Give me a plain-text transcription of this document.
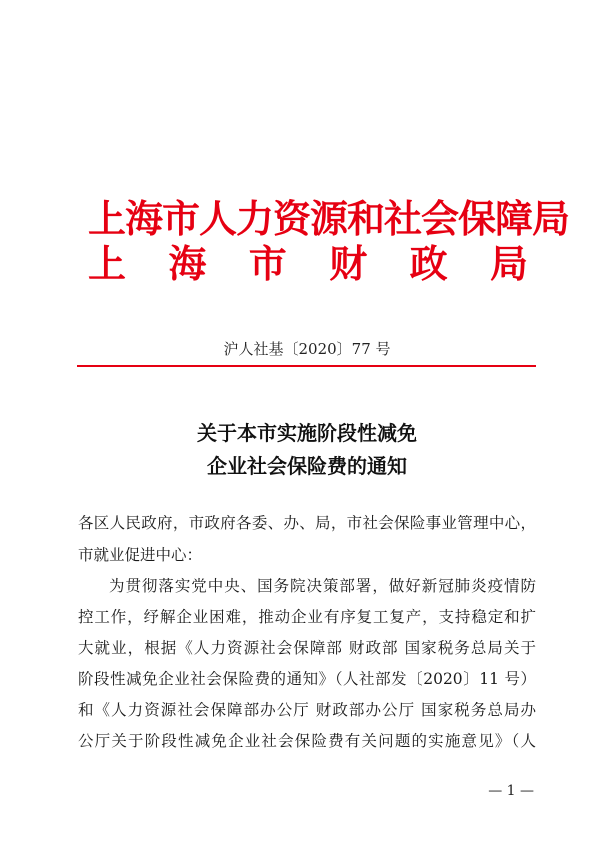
上海市人力资源和社会保障局
上 海 市 财 政 局
沪人社基〔2020〕77 号
关于本市实施阶段性减免
企业社会保险费的通知
各区人民政府，市政府各委、办、局，市社会保险事业管理中心，
市就业促进中心：
为贯彻落实党中央、国务院决策部署，做好新冠肺炎疫情防
控工作，纾解企业困难，推动企业有序复工复产，支持稳定和扩
大就业，根据《人力资源社会保障部 财政部 国家税务总局关于
阶段性减免企业社会保险费的通知》（人社部发〔2020〕11 号）
和《人力资源社会保障部办公厅 财政部办公厅 国家税务总局办
公厅关于阶段性减免企业社会保险费有关问题的实施意见》（人
— 1 —
